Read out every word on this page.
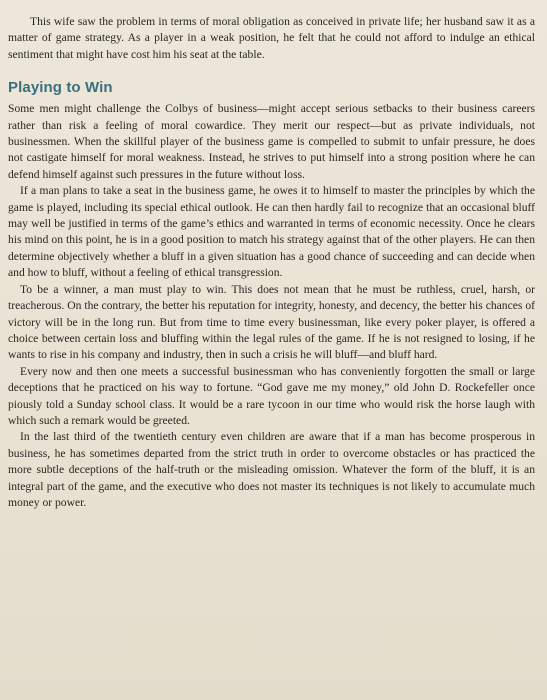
This wife saw the problem in terms of moral obligation as conceived in private life; her husband saw it as a matter of game strategy. As a player in a weak position, he felt that he could not afford to indulge an ethical sentiment that might have cost him his seat at the table.

Playing to Win

Some men might challenge the Colbys of business—might accept serious setbacks to their business careers rather than risk a feeling of moral cowardice. They merit our respect—but as private individuals, not businessmen. When the skillful player of the business game is compelled to submit to unfair pressure, he does not castigate himself for moral weakness. Instead, he strives to put himself into a strong position where he can defend himself against such pressures in the future without loss.

If a man plans to take a seat in the business game, he owes it to himself to master the principles by which the game is played, including its special ethical outlook. He can then hardly fail to recognize that an occasional bluff may well be justified in terms of the game’s ethics and warranted in terms of economic necessity. Once he clears his mind on this point, he is in a good position to match his strategy against that of the other players. He can then determine objectively whether a bluff in a given situation has a good chance of succeeding and can decide when and how to bluff, without a feeling of ethical transgression.

To be a winner, a man must play to win. This does not mean that he must be ruthless, cruel, harsh, or treacherous. On the contrary, the better his reputation for integrity, honesty, and decency, the better his chances of victory will be in the long run. But from time to time every businessman, like every poker player, is offered a choice between certain loss and bluffing within the legal rules of the game. If he is not resigned to losing, if he wants to rise in his company and industry, then in such a crisis he will bluff—and bluff hard.

Every now and then one meets a successful businessman who has conveniently forgotten the small or large deceptions that he practiced on his way to fortune. “God gave me my money,” old John D. Rockefeller once piously told a Sunday school class. It would be a rare tycoon in our time who would risk the horse laugh with which such a remark would be greeted.

In the last third of the twentieth century even children are aware that if a man has become prosperous in business, he has sometimes departed from the strict truth in order to overcome obstacles or has practiced the more subtle deceptions of the half-truth or the misleading omission. Whatever the form of the bluff, it is an integral part of the game, and the executive who does not master its techniques is not likely to accumulate much money or power.
